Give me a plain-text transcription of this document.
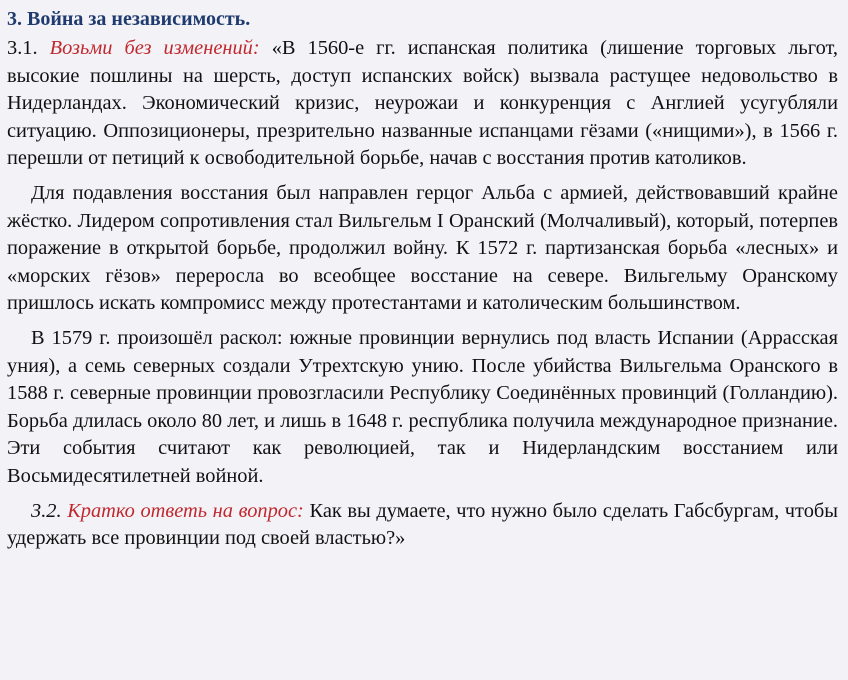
3. Война за независимость.

3.1. Возьми без изменений: «В 1560-е гг. испанская политика (лишение торговых льгот, высокие пошлины на шерсть, доступ испанских войск) вызвала растущее недовольство в Нидерландах. Экономический кризис, неурожаи и конкуренция с Англией усугубляли ситуацию. Оппозиционеры, презрительно названные испанцами гёзами («нищими»), в 1566 г. перешли от петиций к освободительной борьбе, начав с восстания против католиков.

Для подавления восстания был направлен герцог Альба с армией, действовавший крайне жёстко. Лидером сопротивления стал Вильгельм I Оранский (Молчаливый), который, потерпев поражение в открытой борьбе, продолжил войну. К 1572 г. партизанская борьба «лесных» и «морских гёзов» переросла во всеобщее восстание на севере. Вильгельму Оранскому пришлось искать компромисс между протестантами и католическим большинством.

В 1579 г. произошёл раскол: южные провинции вернулись под власть Испании (Аррасская уния), а семь северных создали Утрехтскую унию. После убийства Вильгельма Оранского в 1588 г. северные провинции провозгласили Республику Соединённых провинций (Голландию). Борьба длилась около 80 лет, и лишь в 1648 г. республика получила международное признание. Эти события считают как революцией, так и Нидерландским восстанием или Восьмидесятилетней войной.

3.2. Кратко ответь на вопрос: Как вы думаете, что нужно было сделать Габсбургам, чтобы удержать все провинции под своей властью?»
